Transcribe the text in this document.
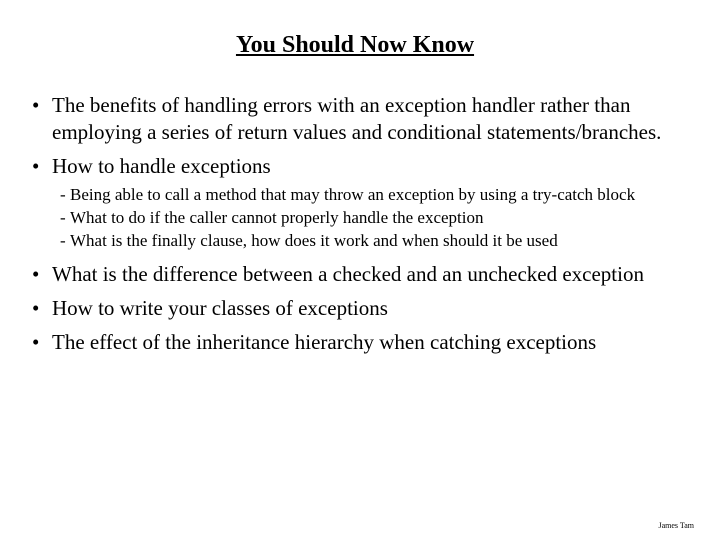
You Should Now Know
• The benefits of handling errors with an exception handler rather than employing a series of return values and conditional statements/branches.
• How to handle exceptions
- Being able to call a method that may throw an exception by using a try-catch block
- What to do if the caller cannot properly handle the exception
- What is the finally clause, how does it work and when should it be used
• What is the difference between a checked and an unchecked exception
• How to write your classes of exceptions
• The effect of the inheritance hierarchy when catching exceptions
James Tam
